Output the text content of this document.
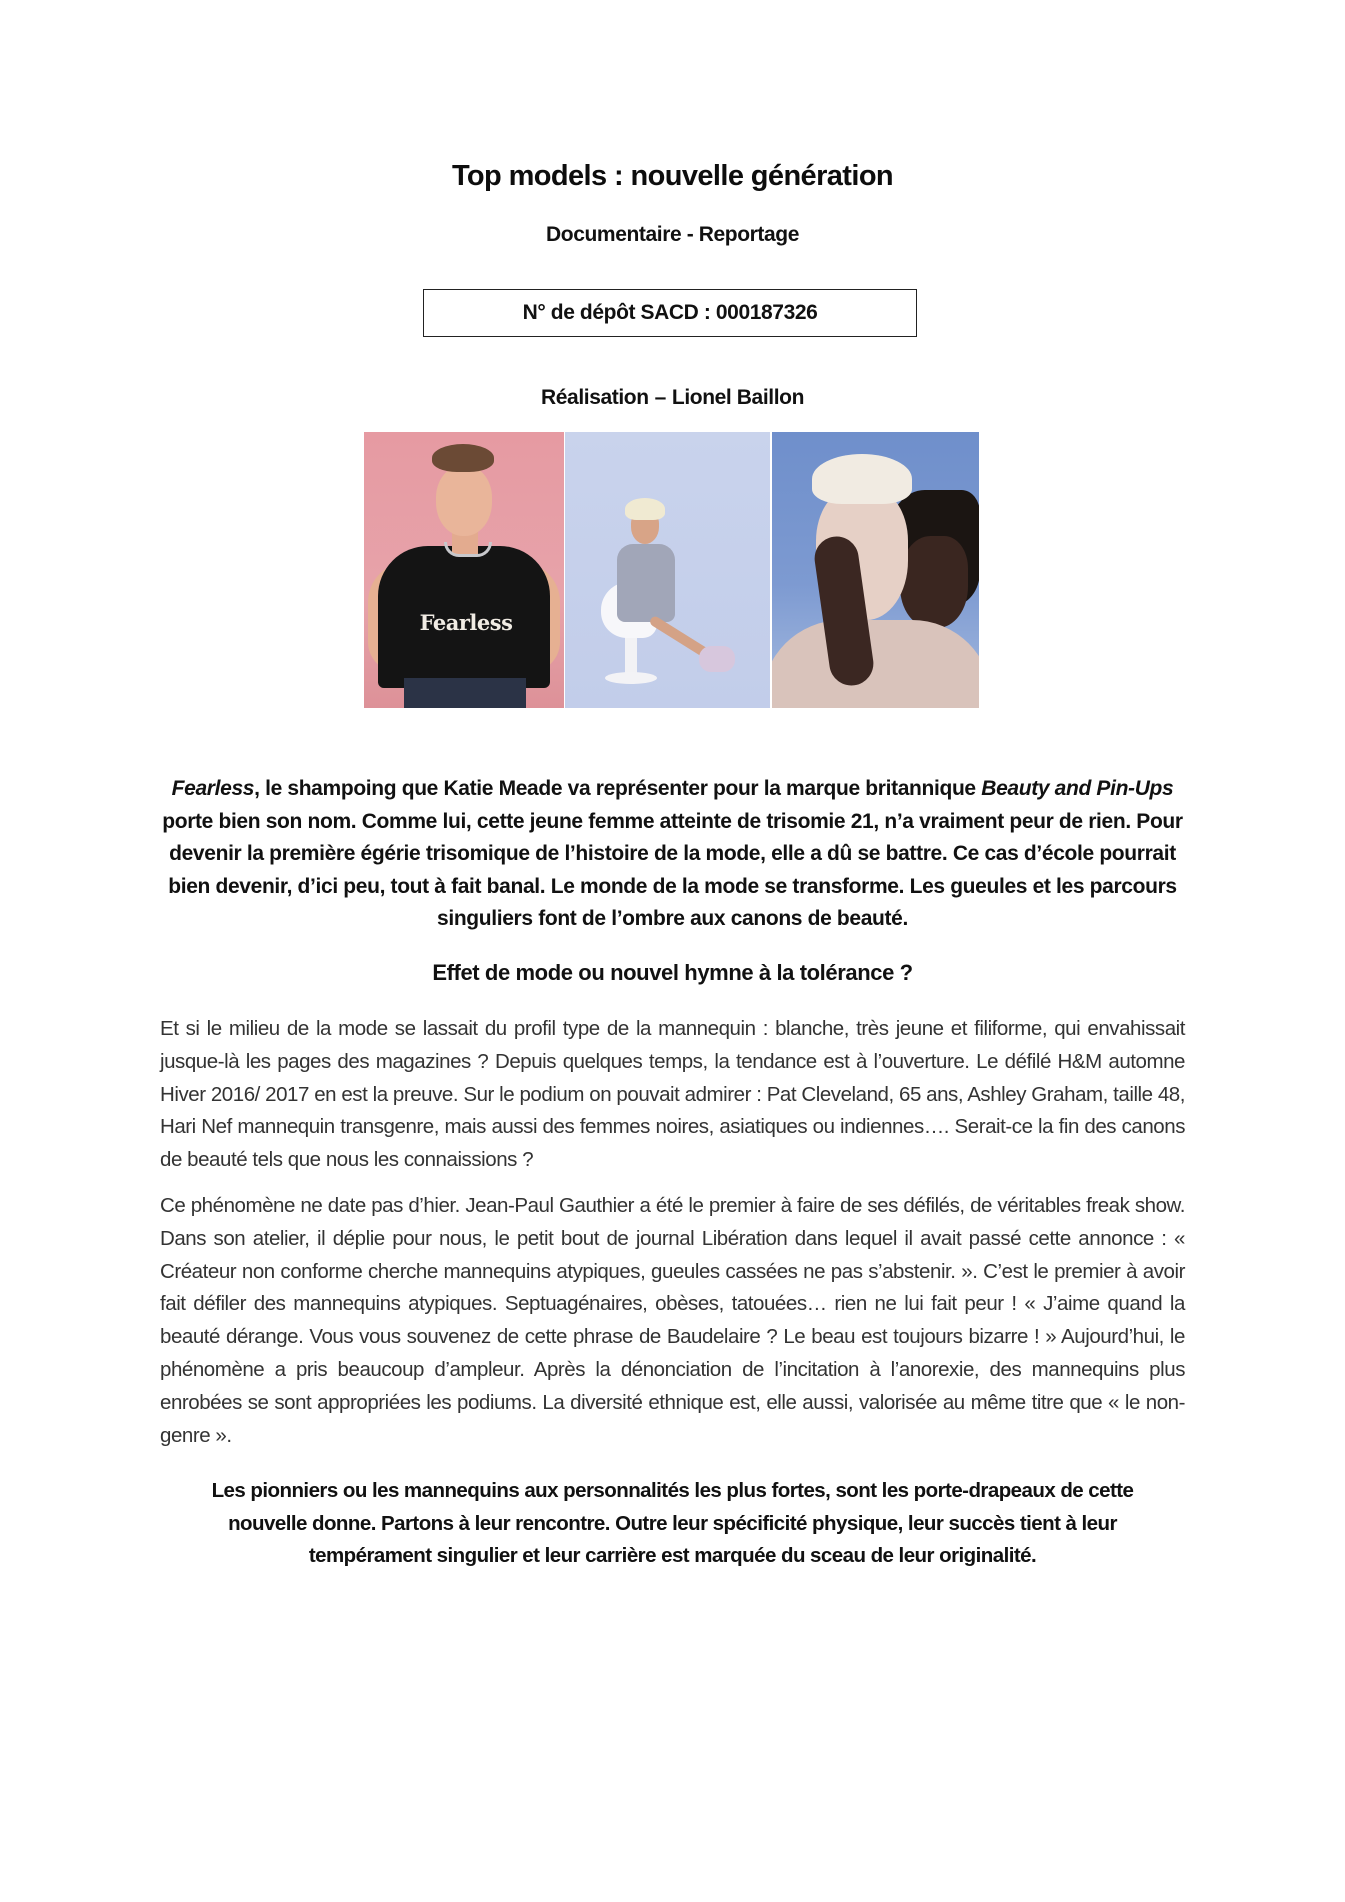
Top models : nouvelle génération
Documentaire - Reportage
N° de dépôt SACD : 000187326
Réalisation – Lionel Baillon
Fearless

Fearless, le shampoing que Katie Meade va représenter pour la marque britannique Beauty and Pin-Ups porte bien son nom. Comme lui, cette jeune femme atteinte de trisomie 21, n’a vraiment peur de rien. Pour devenir la première égérie trisomique de l’histoire de la mode, elle a dû se battre. Ce cas d’école pourrait bien devenir, d’ici peu, tout à fait banal. Le monde de la mode se transforme. Les gueules et les parcours singuliers font de l’ombre aux canons de beauté.

Effet de mode ou nouvel hymne à la tolérance ?

Et si le milieu de la mode se lassait du profil type de la mannequin : blanche, très jeune et filiforme, qui envahissait jusque-là les pages des magazines ? Depuis quelques temps, la tendance est à l’ouverture. Le défilé H&M automne Hiver 2016/ 2017 en est la preuve. Sur le podium on pouvait admirer : Pat Cleveland, 65 ans, Ashley Graham, taille 48, Hari Nef mannequin transgenre, mais aussi des femmes noires, asiatiques ou indiennes…. Serait-ce la fin des canons de beauté tels que nous les connaissions ?

Ce phénomène ne date pas d’hier. Jean-Paul Gauthier a été le premier à faire de ses défilés, de véritables freak show. Dans son atelier, il déplie pour nous, le petit bout de journal Libération dans lequel il avait passé cette annonce : « Créateur non conforme cherche mannequins atypiques, gueules cassées ne pas s’abstenir. ». C’est le premier à avoir fait défiler des mannequins atypiques. Septuagénaires, obèses, tatouées… rien ne lui fait peur ! « J’aime quand la beauté dérange. Vous vous souvenez de cette phrase de Baudelaire ? Le beau est toujours bizarre ! » Aujourd’hui, le phénomène a pris beaucoup d’ampleur. Après la dénonciation de l’incitation à l’anorexie, des mannequins plus enrobées se sont appropriées les podiums. La diversité ethnique est, elle aussi, valorisée au même titre que « le non-genre ».

Les pionniers ou les mannequins aux personnalités les plus fortes, sont les porte-drapeaux de cette nouvelle donne. Partons à leur rencontre. Outre leur spécificité physique, leur succès tient à leur tempérament singulier et leur carrière est marquée du sceau de leur originalité.
